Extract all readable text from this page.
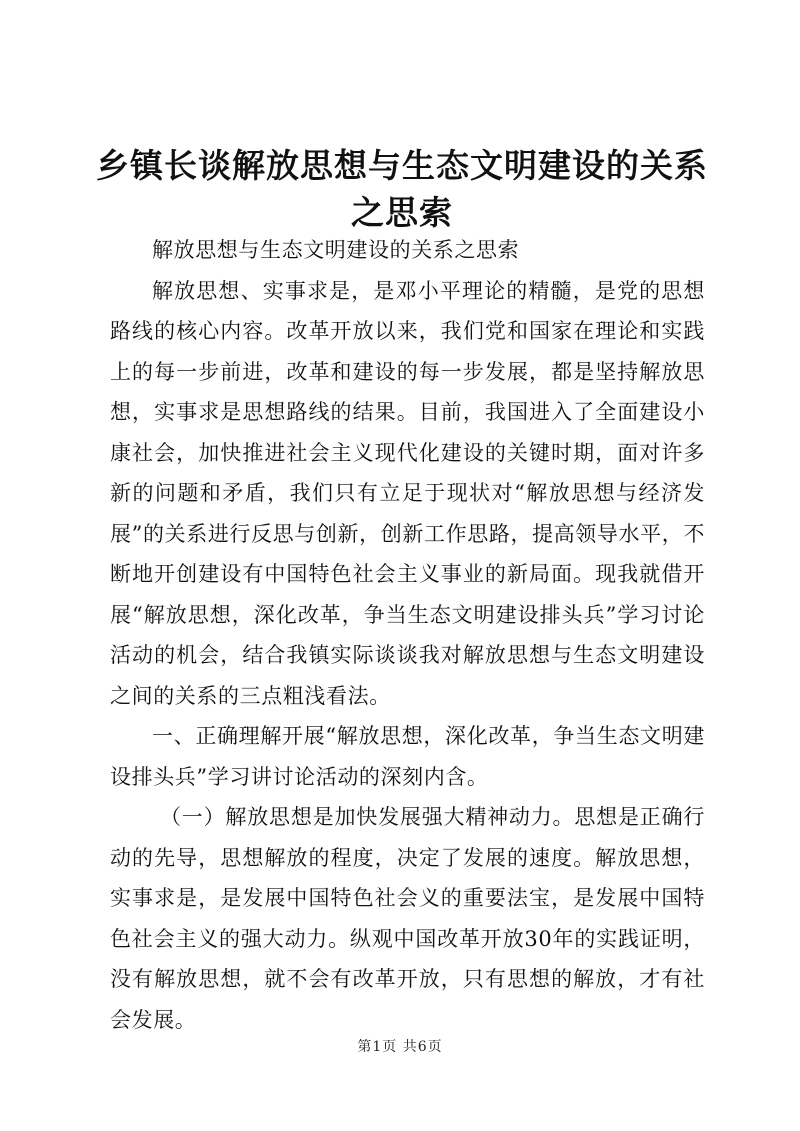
乡镇长谈解放思想与生态文明建设的关系之思索

解放思想与生态文明建设的关系之思索

解放思想、实事求是，是邓小平理论的精髓，是党的思想路线的核心内容。改革开放以来，我们党和国家在理论和实践上的每一步前进，改革和建设的每一步发展，都是坚持解放思想，实事求是思想路线的结果。目前，我国进入了全面建设小康社会，加快推进社会主义现代化建设的关键时期，面对许多新的问题和矛盾，我们只有立足于现状对“解放思想与经济发展”的关系进行反思与创新，创新工作思路，提高领导水平，不断地开创建设有中国特色社会主义事业的新局面。现我就借开展“解放思想，深化改革，争当生态文明建设排头兵”学习讨论活动的机会，结合我镇实际谈谈我对解放思想与生态文明建设之间的关系的三点粗浅看法。

一、正确理解开展“解放思想，深化改革，争当生态文明建设排头兵”学习讲讨论活动的深刻内含。

（一）解放思想是加快发展强大精神动力。思想是正确行动的先导，思想解放的程度，决定了发展的速度。解放思想，实事求是，是发展中国特色社会义的重要法宝，是发展中国特色社会主义的强大动力。纵观中国改革开放30年的实践证明，没有解放思想，就不会有改革开放，只有思想的解放，才有社会发展。

第1页 共6页
